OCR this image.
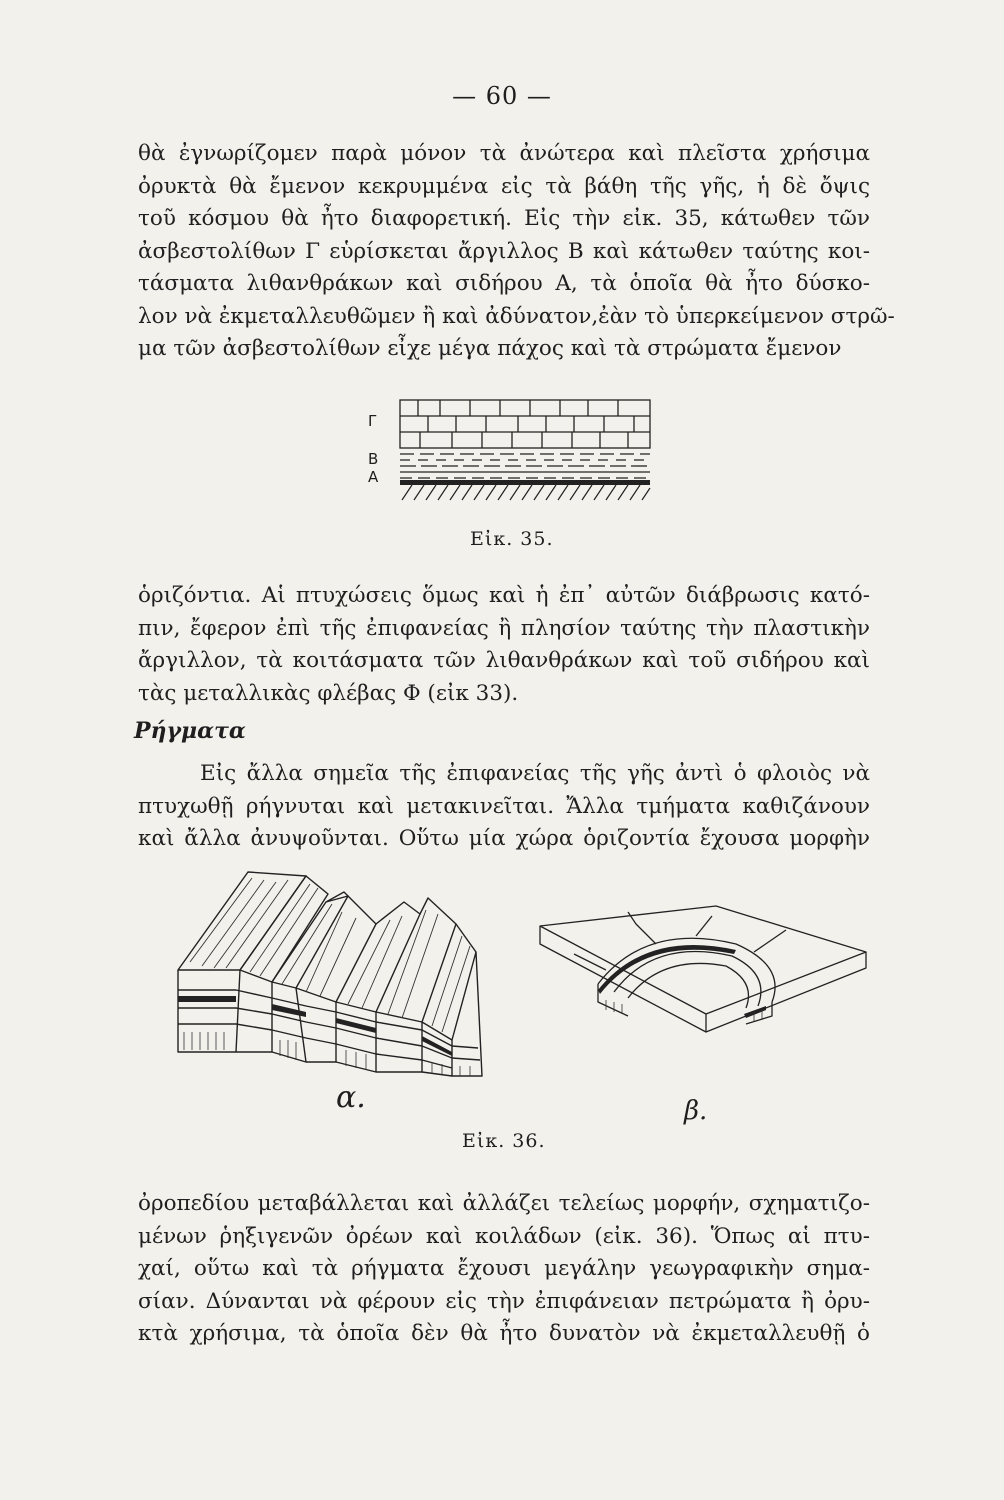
— 60 —
θὰ ἐγνωρίζομεν παρὰ μόνον τὰ ἀνώτερα καὶ πλεῖστα χρήσιμα
ὀρυκτὰ θὰ ἔμενον κεκρυμμένα εἰς τὰ βάθη τῆς γῆς, ἡ δὲ ὄψις
τοῦ κόσμου θὰ ἦτο διαφορετική. Εἰς τὴν εἰκ. 35, κάτωθεν τῶν
ἀσβεστολίθων Γ εὑρίσκεται ἄργιλλος Β καὶ κάτωθεν ταύτης κοι-
τάσματα λιθανθράκων καὶ σιδήρου Α, τὰ ὁποῖα θὰ ἦτο δύσκο-
λον νὰ ἐκμεταλλευθῶμεν ἢ καὶ ἀδύνατον,ἐὰν τὸ ὑπερκείμενον στρῶ-
μα τῶν ἀσβεστολίθων εἶχε μέγα πάχος καὶ τὰ στρώματα ἔμενον
Γ
Β
Α
Εἰκ. 35.
ὁριζόντια. Αἱ πτυχώσεις ὅμως καὶ ἡ ἐπ᾽ αὐτῶν διάβρωσις κατό-
πιν, ἔφερον ἐπὶ τῆς ἐπιφανείας ἢ πλησίον ταύτης τὴν πλαστικὴν
ἄργιλλον, τὰ κοιτάσματα τῶν λιθανθράκων καὶ τοῦ σιδήρου καὶ
τὰς μεταλλικὰς φλέβας Φ (εἰκ 33).
Ρήγματα
Εἰς ἄλλα σημεῖα τῆς ἐπιφανείας τῆς γῆς ἀντὶ ὁ φλοιὸς νὰ
πτυχωθῇ ρήγνυται καὶ μετακινεῖται. Ἄλλα τμήματα καθιζάνουν
καὶ ἄλλα ἀνυψοῦνται. Οὕτω μία χώρα ὁριζοντία ἔχουσα μορφὴν
α.	β.
Εἰκ. 36.
ὀροπεδίου μεταβάλλεται καὶ ἀλλάζει τελείως μορφήν, σχηματιζο-
μένων ῥηξιγενῶν ὀρέων καὶ κοιλάδων (εἰκ. 36). Ὅπως αἱ πτυ-
χαί, οὕτω καὶ τὰ ρήγματα ἔχουσι μεγάλην γεωγραφικὴν σημα-
σίαν. Δύνανται νὰ φέρουν εἰς τὴν ἐπιφάνειαν πετρώματα ἢ ὀρυ-
κτὰ χρήσιμα, τὰ ὁποῖα δὲν θὰ ἦτο δυνατὸν νὰ ἐκμεταλλευθῇ ὁ
